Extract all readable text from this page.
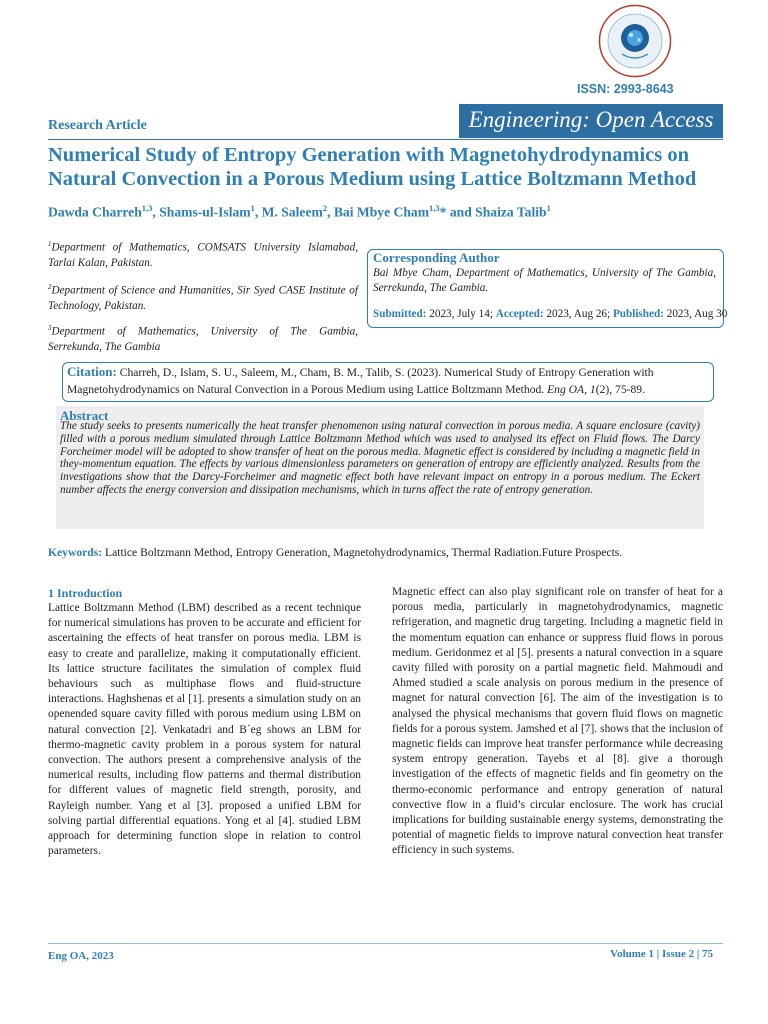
ISSN: 2993-8643
Research Article	Engineering: Open Access
Numerical Study of Entropy Generation with Magnetohydrodynamics on Natural Convection in a Porous Medium using Lattice Boltzmann Method
Dawda Charreh$^{1,3}$, Shams-ul-Islam$^1$, M. Saleem$^2$, Bai Mbye Cham$^{1,3}$* and Shaiza Talib$^1$
$^1$Department of Mathematics, COMSATS University Islamabad, Tarlai Kalan, Pakistan.
$^2$Department of Science and Humanities, Sir Syed CASE Institute of Technology, Pakistan.
$^3$Department of Mathematics, University of The Gambia, Serrekunda, The Gambia
Corresponding Author
Bai Mbye Cham, Department of Mathematics, University of The Gambia, Serrekunda, The Gambia.
Submitted: 2023, July 14; Accepted: 2023, Aug 26; Published: 2023, Aug 30
Citation: Charreh, D., Islam, S. U., Saleem, M., Cham, B. M., Talib, S. (2023). Numerical Study of Entropy Generation with Magnetohydrodynamics on Natural Convection in a Porous Medium using Lattice Boltzmann Method. Eng OA, 1(2), 75-89.
Abstract
The study seeks to presents numerically the heat transfer phenomenon using natural convection in porous media. A square enclosure (cavity) filled with a porous medium simulated through Lattice Boltzmann Method which was used to analysed its effect on Fluid flows. The Darcy Forcheimer model will be adopted to show transfer of heat on the porous media. Magnetic effect is considered by including a magnetic field in they-momentum equation. The effects by various dimensionless parameters on generation of entropy are efficiently analyzed. Results from the investigations show that the Darcy-Forcheimer and magnetic effect both have relevant impact on entropy in a porous medium. The Eckert number affects the energy conversion and dissipation mechanisms, which in turns affect the rate of entropy generation.
Keywords: Lattice Boltzmann Method, Entropy Generation, Magnetohydrodynamics, Thermal Radiation.Future Prospects.
1 Introduction
Lattice Boltzmann Method (LBM) described as a recent technique for numerical simulations has proven to be accurate and efficient for ascertaining the effects of heat transfer on porous media. LBM is easy to create and parallelize, making it computationally efficient. Its lattice structure facilitates the simulation of complex fluid behaviours such as multiphase flows and fluid-structure interactions. Haghshenas et al [1]. presents a simulation study on an openended square cavity filled with porous medium using LBM on natural convection [2]. Venkatadri and B´eg shows an LBM for thermo-magnetic cavity problem in a porous system for natural convection. The authors present a comprehensive analysis of the numerical results, including flow patterns and thermal distribution for different values of magnetic field strength, porosity, and Rayleigh number. Yang et al [3]. proposed a unified LBM for solving partial differential equations. Yong et al [4]. studied LBM approach for determining function slope in relation to control parameters.
Magnetic effect can also play significant role on transfer of heat for a porous media, particularly in magnetohydrodynamics, magnetic refrigeration, and magnetic drug targeting. Including a magnetic field in the momentum equation can enhance or suppress fluid flows in porous medium. Geridonmez et al [5]. presents a natural convection in a square cavity filled with porosity on a partial magnetic field. Mahmoudi and Ahmed studied a scale analysis on porous medium in the presence of magnet for natural convection [6]. The aim of the investigation is to analysed the physical mechanisms that govern fluid flows on magnetic fields for a porous system. Jamshed et al [7]. shows that the inclusion of magnetic fields can improve heat transfer performance while decreasing system entropy generation. Tayebs et al [8]. give a thorough investigation of the effects of magnetic fields and fin geometry on the thermo-economic performance and entropy generation of natural convective flow in a fluid’s circular enclosure. The work has crucial implications for building sustainable energy systems, demonstrating the potential of magnetic fields to improve natural convection heat transfer efficiency in such systems.
Eng OA, 2023	Volume 1 | Issue 2 | 75
